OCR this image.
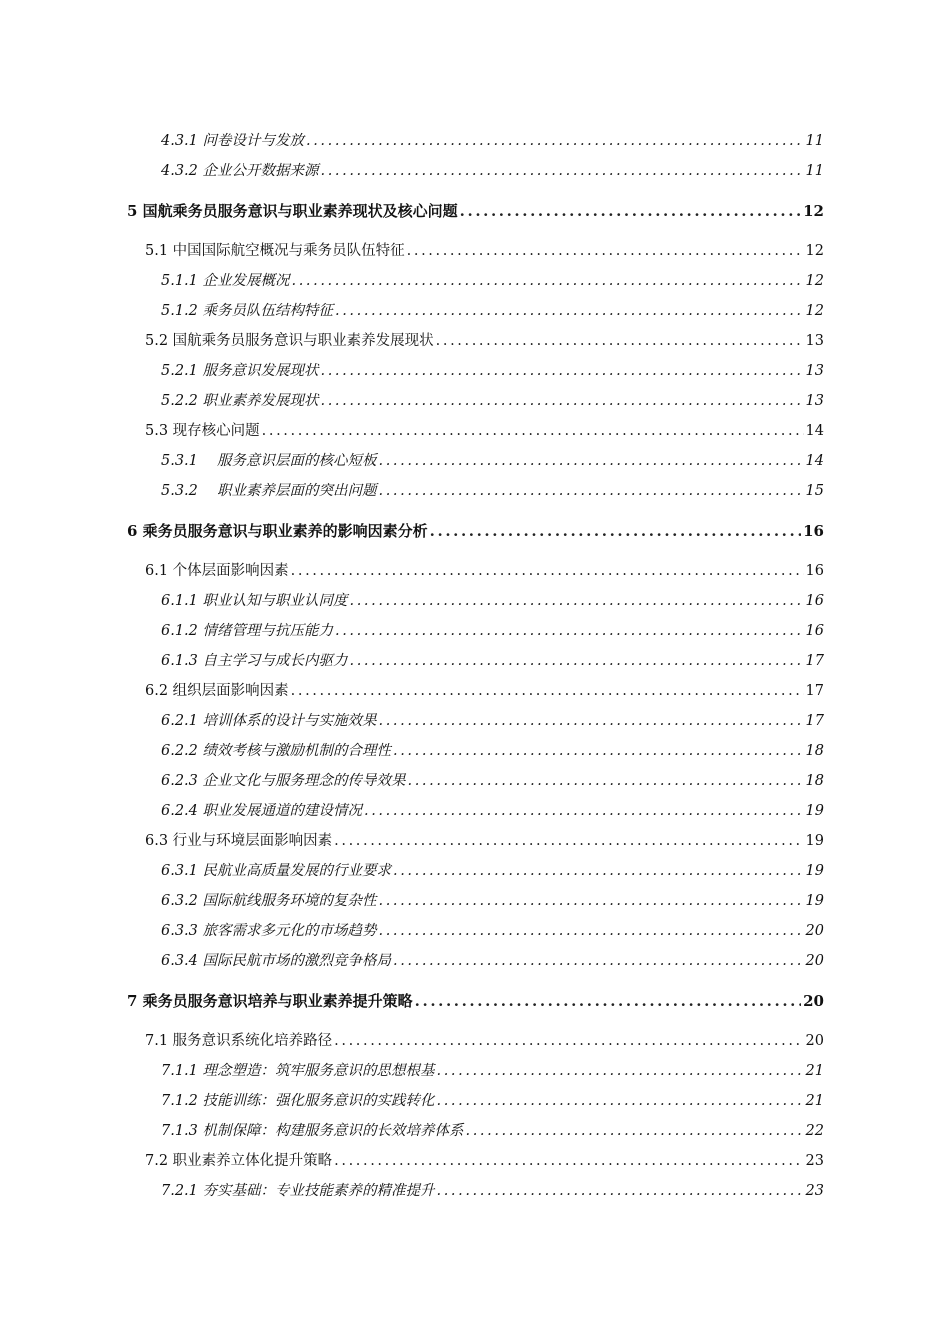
4.3.1 问卷设计与发放 .....	11
4.3.2 企业公开数据来源 .....	11
5 国航乘务员服务意识与职业素养现状及核心问题 .....	12
5.1 中国国际航空概况与乘务员队伍特征 .....	12
5.1.1 企业发展概况 .....	12
5.1.2 乘务员队伍结构特征 .....	12
5.2 国航乘务员服务意识与职业素养发展现状 .....	13
5.2.1 服务意识发展现状 .....	13
5.2.2 职业素养发展现状 .....	13
5.3 现存核心问题 .....	14
5.3.1　 服务意识层面的核心短板 .....	14
5.3.2　 职业素养层面的突出问题 .....	15
6 乘务员服务意识与职业素养的影响因素分析 .....	16
6.1 个体层面影响因素 .....	16
6.1.1 职业认知与职业认同度 .....	16
6.1.2 情绪管理与抗压能力 .....	16
6.1.3 自主学习与成长内驱力 .....	17
6.2 组织层面影响因素 .....	17
6.2.1 培训体系的设计与实施效果 .....	17
6.2.2 绩效考核与激励机制的合理性 .....	18
6.2.3 企业文化与服务理念的传导效果 .....	18
6.2.4 职业发展通道的建设情况 .....	19
6.3 行业与环境层面影响因素 .....	19
6.3.1 民航业高质量发展的行业要求 .....	19
6.3.2 国际航线服务环境的复杂性 .....	19
6.3.3 旅客需求多元化的市场趋势 .....	20
6.3.4 国际民航市场的激烈竞争格局 .....	20
7 乘务员服务意识培养与职业素养提升策略 .....	20
7.1 服务意识系统化培养路径 .....	20
7.1.1 理念塑造：筑牢服务意识的思想根基 .....	21
7.1.2 技能训练：强化服务意识的实践转化 .....	21
7.1.3 机制保障：构建服务意识的长效培养体系 .....	22
7.2 职业素养立体化提升策略 .....	23
7.2.1 夯实基础：专业技能素养的精准提升 .....	23
